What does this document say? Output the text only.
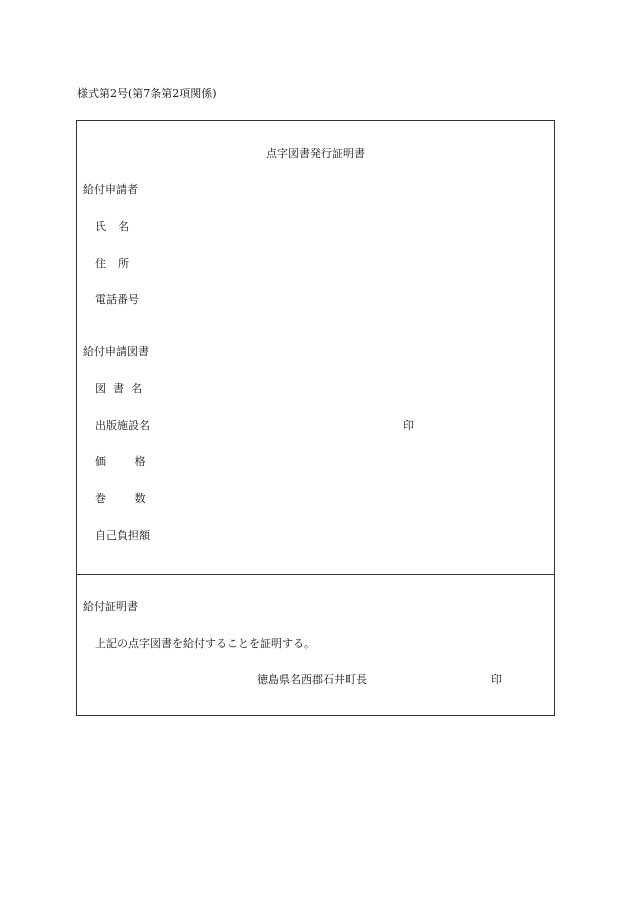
様式第2号(第7条第2項関係)
点字図書発行証明書
給付申請者
氏名
住所
電話番号
給付申請図書
図書名
出版施設名	印
価格
巻数
自己負担額
給付証明書
上記の点字図書を給付することを証明する。
徳島県名西郡石井町長	印
